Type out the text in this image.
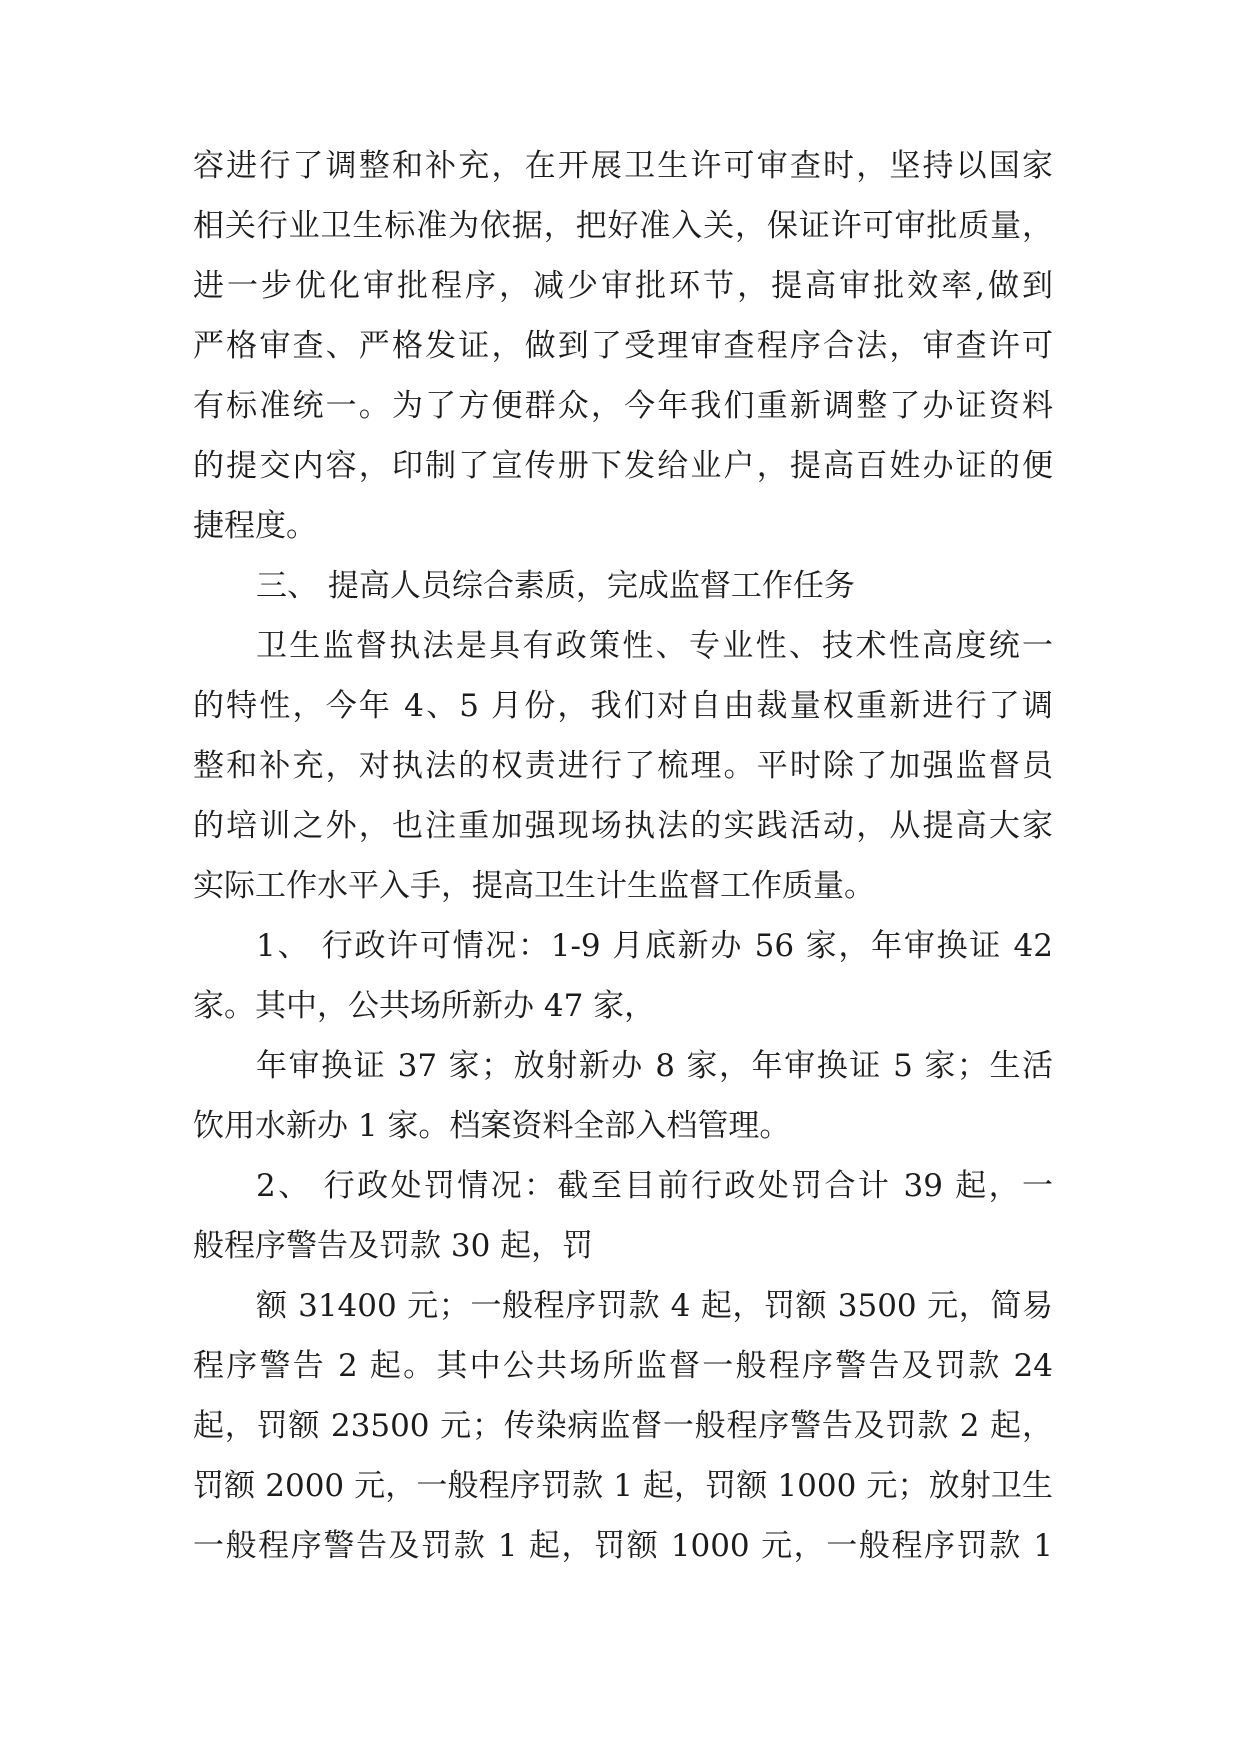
容进行了调整和补充，在开展卫生许可审查时，坚持以国家
相关行业卫生标准为依据，把好准入关，保证许可审批质量，
进一步优化审批程序，减少审批环节，提高审批效率,做到
严格审查、严格发证，做到了受理审查程序合法，审查许可
有标准统一。为了方便群众，今年我们重新调整了办证资料
的提交内容，印制了宣传册下发给业户，提高百姓办证的便
捷程度。
三、 提高人员综合素质，完成监督工作任务
卫生监督执法是具有政策性、专业性、技术性高度统一
的特性，今年 4、5 月份，我们对自由裁量权重新进行了调
整和补充，对执法的权责进行了梳理。平时除了加强监督员
的培训之外，也注重加强现场执法的实践活动，从提高大家
实际工作水平入手，提高卫生计生监督工作质量。
1、 行政许可情况：1-9 月底新办 56 家，年审换证 42
家。其中，公共场所新办 47 家，
年审换证 37 家；放射新办 8 家，年审换证 5 家；生活
饮用水新办 1 家。档案资料全部入档管理。
2、 行政处罚情况：截至目前行政处罚合计 39 起，一
般程序警告及罚款 30 起，罚
额 31400 元；一般程序罚款 4 起，罚额 3500 元，简易
程序警告 2 起。其中公共场所监督一般程序警告及罚款 24
起，罚额 23500 元；传染病监督一般程序警告及罚款 2 起，
罚额 2000 元，一般程序罚款 1 起，罚额 1000 元；放射卫生
一般程序警告及罚款 1 起，罚额 1000 元，一般程序罚款 1
